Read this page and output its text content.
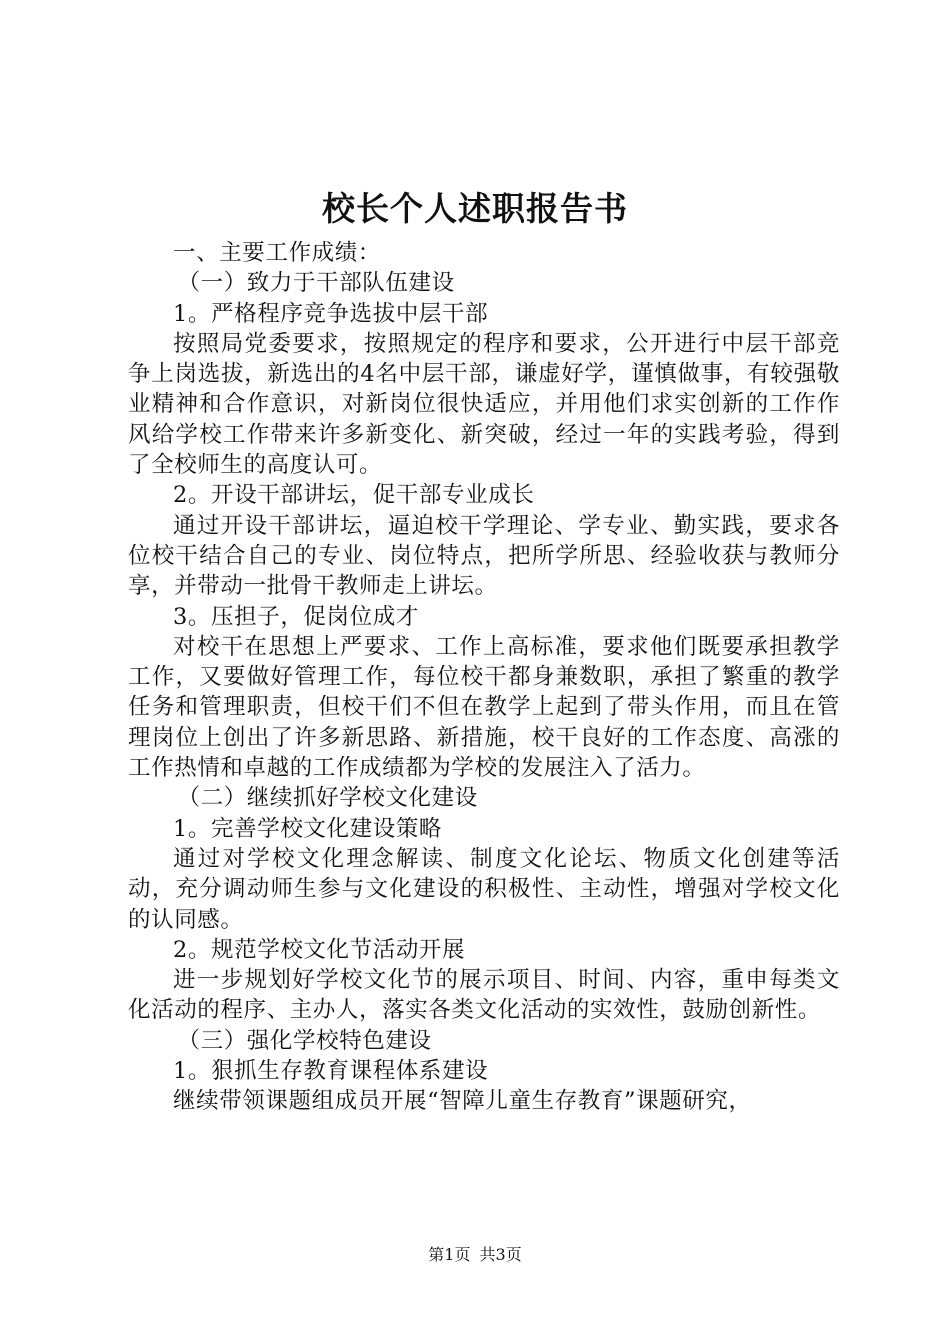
校长个人述职报告书

一、主要工作成绩：

（一）致力于干部队伍建设

1。严格程序竞争选拔中层干部

按照局党委要求，按照规定的程序和要求，公开进行中层干部竞争上岗选拔，新选出的4名中层干部，谦虚好学，谨慎做事，有较强敬业精神和合作意识，对新岗位很快适应，并用他们求实创新的工作作风给学校工作带来许多新变化、新突破，经过一年的实践考验，得到了全校师生的高度认可。

2。开设干部讲坛，促干部专业成长

通过开设干部讲坛，逼迫校干学理论、学专业、勤实践，要求各位校干结合自己的专业、岗位特点，把所学所思、经验收获与教师分享，并带动一批骨干教师走上讲坛。

3。压担子，促岗位成才

对校干在思想上严要求、工作上高标准，要求他们既要承担教学工作，又要做好管理工作，每位校干都身兼数职，承担了繁重的教学任务和管理职责，但校干们不但在教学上起到了带头作用，而且在管理岗位上创出了许多新思路、新措施，校干良好的工作态度、高涨的工作热情和卓越的工作成绩都为学校的发展注入了活力。

（二）继续抓好学校文化建设

1。完善学校文化建设策略

通过对学校文化理念解读、制度文化论坛、物质文化创建等活动，充分调动师生参与文化建设的积极性、主动性，增强对学校文化的认同感。

2。规范学校文化节活动开展

进一步规划好学校文化节的展示项目、时间、内容，重申每类文化活动的程序、主办人，落实各类文化活动的实效性，鼓励创新性。

（三）强化学校特色建设

1。狠抓生存教育课程体系建设

继续带领课题组成员开展“智障儿童生存教育”课题研究，

第1页 共3页
